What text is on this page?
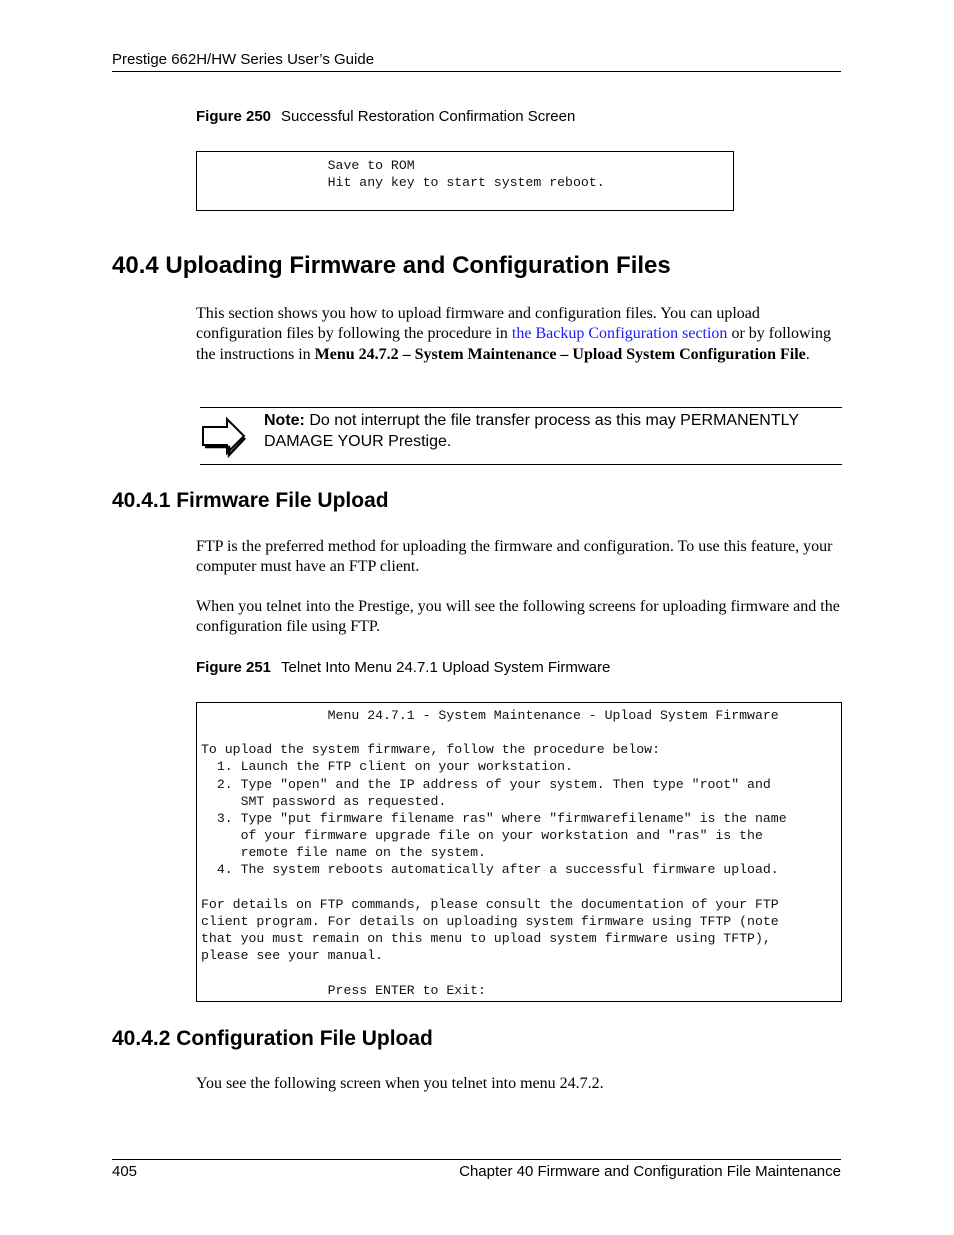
Prestige 662H/HW Series User’s Guide
Figure 250 Successful Restoration Confirmation Screen
Save to ROM
Hit any key to start system reboot.
40.4 Uploading Firmware and Configuration Files

This section shows you how to upload firmware and configuration files. You can upload configuration files by following the procedure in the Backup Configuration section or by following the instructions in Menu 24.7.2 – System Maintenance – Upload System Configuration File.

Note: Do not interrupt the file transfer process as this may PERMANENTLY DAMAGE YOUR Prestige.
40.4.1 Firmware File Upload

FTP is the preferred method for uploading the firmware and configuration. To use this feature, your computer must have an FTP client.

When you telnet into the Prestige, you will see the following screens for uploading firmware and the configuration file using FTP.

Figure 251 Telnet Into Menu 24.7.1 Upload System Firmware
Menu 24.7.1 - System Maintenance - Upload System Firmware

To upload the system firmware, follow the procedure below:
1. Launch the FTP client on your workstation.
2. Type "open" and the IP address of your system. Then type "root" and
SMT password as requested.
3. Type "put firmware filename ras" where "firmwarefilename" is the name
of your firmware upgrade file on your workstation and "ras" is the
remote file name on the system.
4. The system reboots automatically after a successful firmware upload.

For details on FTP commands, please consult the documentation of your FTP
client program. For details on uploading system firmware using TFTP (note
that you must remain on this menu to upload system firmware using TFTP),
please see your manual.

Press ENTER to Exit:
40.4.2 Configuration File Upload

You see the following screen when you telnet into menu 24.7.2.

405	Chapter 40 Firmware and Configuration File Maintenance
